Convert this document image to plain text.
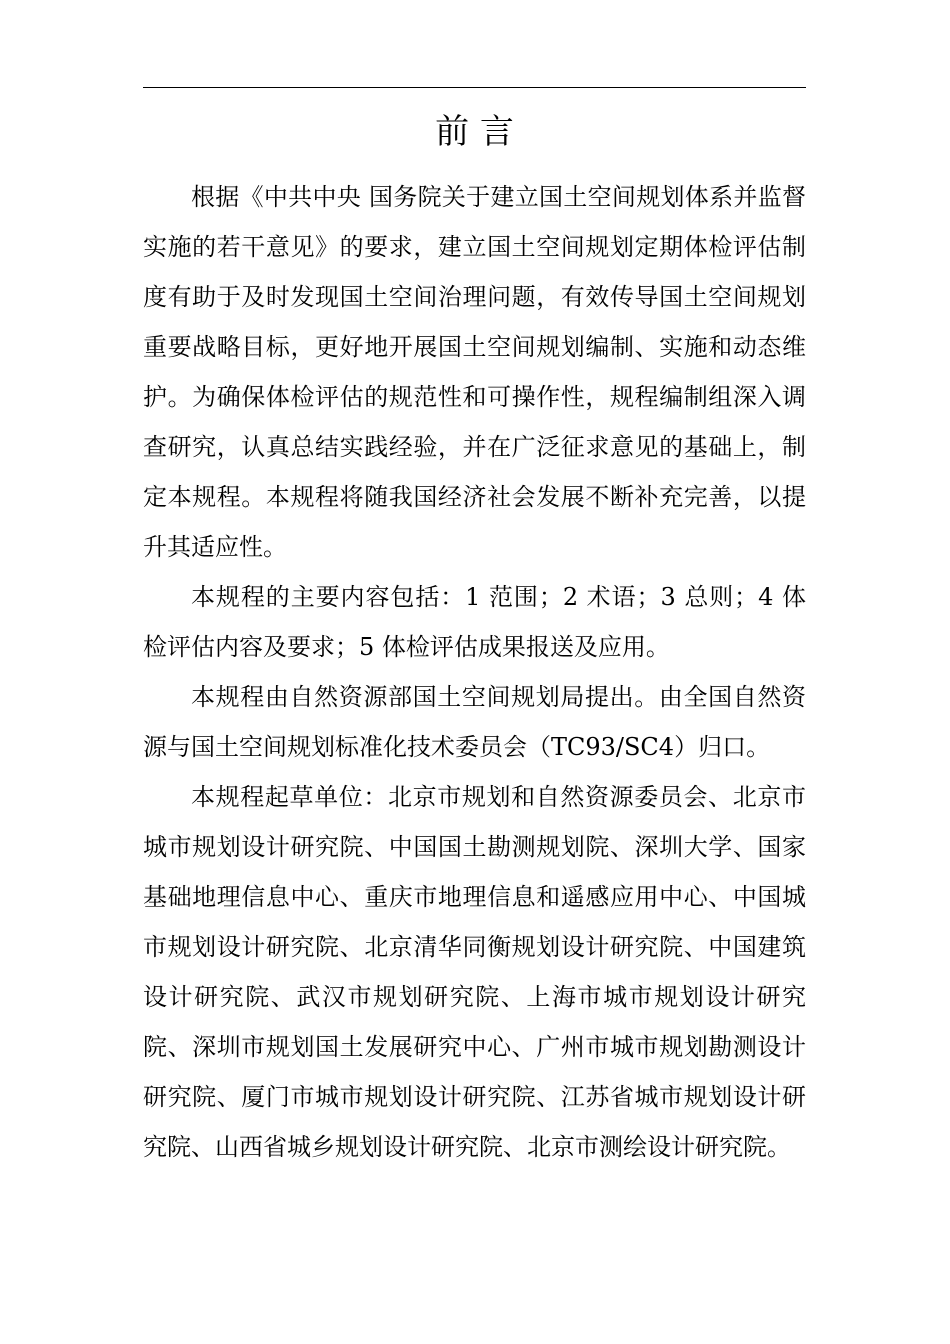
前 言

根据《中共中央 国务院关于建立国土空间规划体系并监督实施的若干意见》的要求，建立国土空间规划定期体检评估制度有助于及时发现国土空间治理问题，有效传导国土空间规划重要战略目标，更好地开展国土空间规划编制、实施和动态维护。为确保体检评估的规范性和可操作性，规程编制组深入调查研究，认真总结实践经验，并在广泛征求意见的基础上，制定本规程。本规程将随我国经济社会发展不断补充完善，以提升其适应性。

本规程的主要内容包括：1 范围；2 术语；3 总则；4 体检评估内容及要求；5 体检评估成果报送及应用。

本规程由自然资源部国土空间规划局提出。由全国自然资源与国土空间规划标准化技术委员会（TC93/SC4）归口。

本规程起草单位：北京市规划和自然资源委员会、北京市城市规划设计研究院、中国国土勘测规划院、深圳大学、国家基础地理信息中心、重庆市地理信息和遥感应用中心、中国城市规划设计研究院、北京清华同衡规划设计研究院、中国建筑设计研究院、武汉市规划研究院、上海市城市规划设计研究院、深圳市规划国土发展研究中心、广州市城市规划勘测设计研究院、厦门市城市规划设计研究院、江苏省城市规划设计研究院、山西省城乡规划设计研究院、北京市测绘设计研究院。
